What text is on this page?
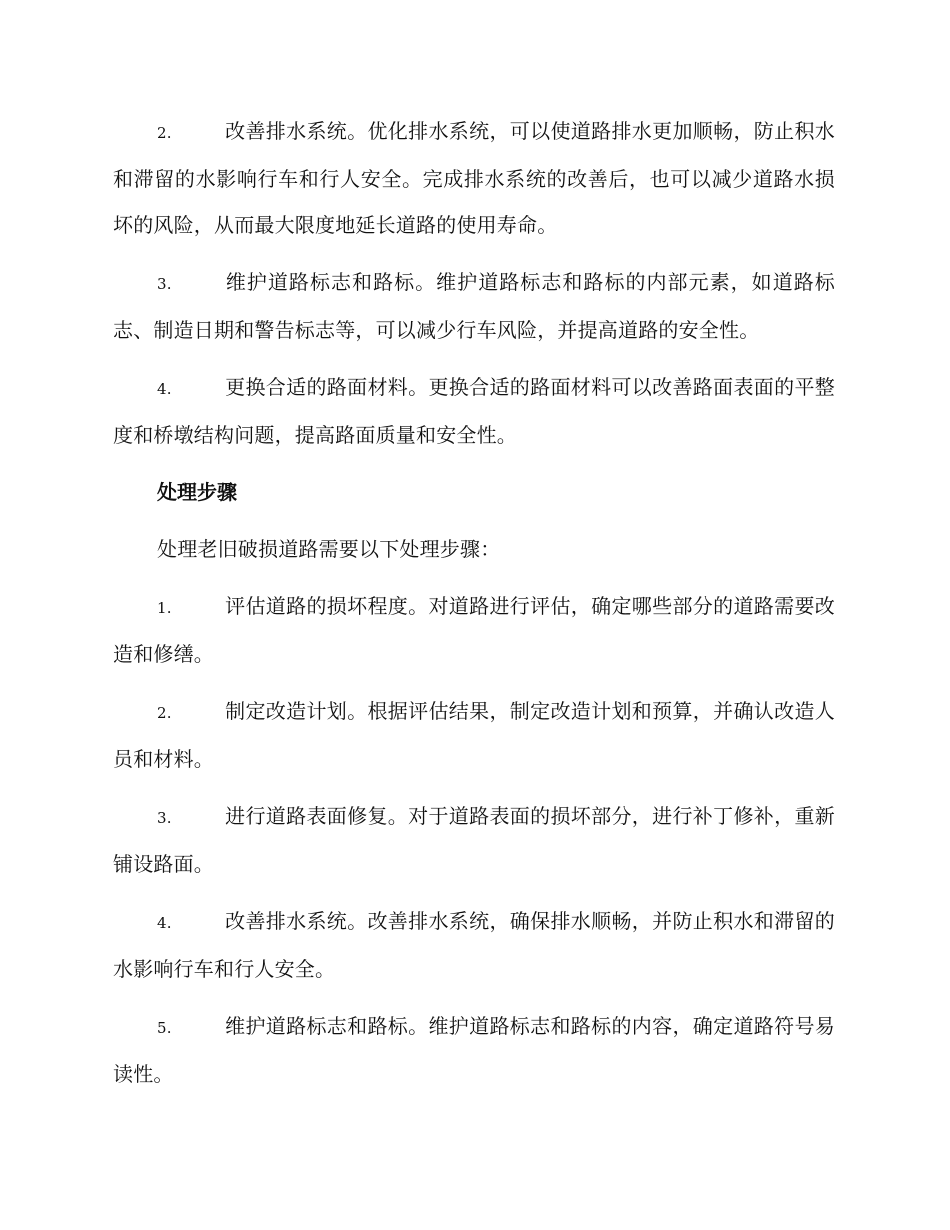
2.	改善排水系统。优化排水系统，可以使道路排水更加顺畅，防止积水和滞留的水影响行车和行人安全。完成排水系统的改善后，也可以减少道路水损坏的风险，从而最大限度地延长道路的使用寿命。

3.	维护道路标志和路标。维护道路标志和路标的内部元素，如道路标志、制造日期和警告标志等，可以减少行车风险，并提高道路的安全性。

4.	更换合适的路面材料。更换合适的路面材料可以改善路面表面的平整度和桥墩结构问题，提高路面质量和安全性。

处理步骤

处理老旧破损道路需要以下处理步骤：

1.	评估道路的损坏程度。对道路进行评估，确定哪些部分的道路需要改造和修缮。

2.	制定改造计划。根据评估结果，制定改造计划和预算，并确认改造人员和材料。

3.	进行道路表面修复。对于道路表面的损坏部分，进行补丁修补，重新铺设路面。

4.	改善排水系统。改善排水系统，确保排水顺畅，并防止积水和滞留的水影响行车和行人安全。

5.	维护道路标志和路标。维护道路标志和路标的内容，确定道路符号易读性。
